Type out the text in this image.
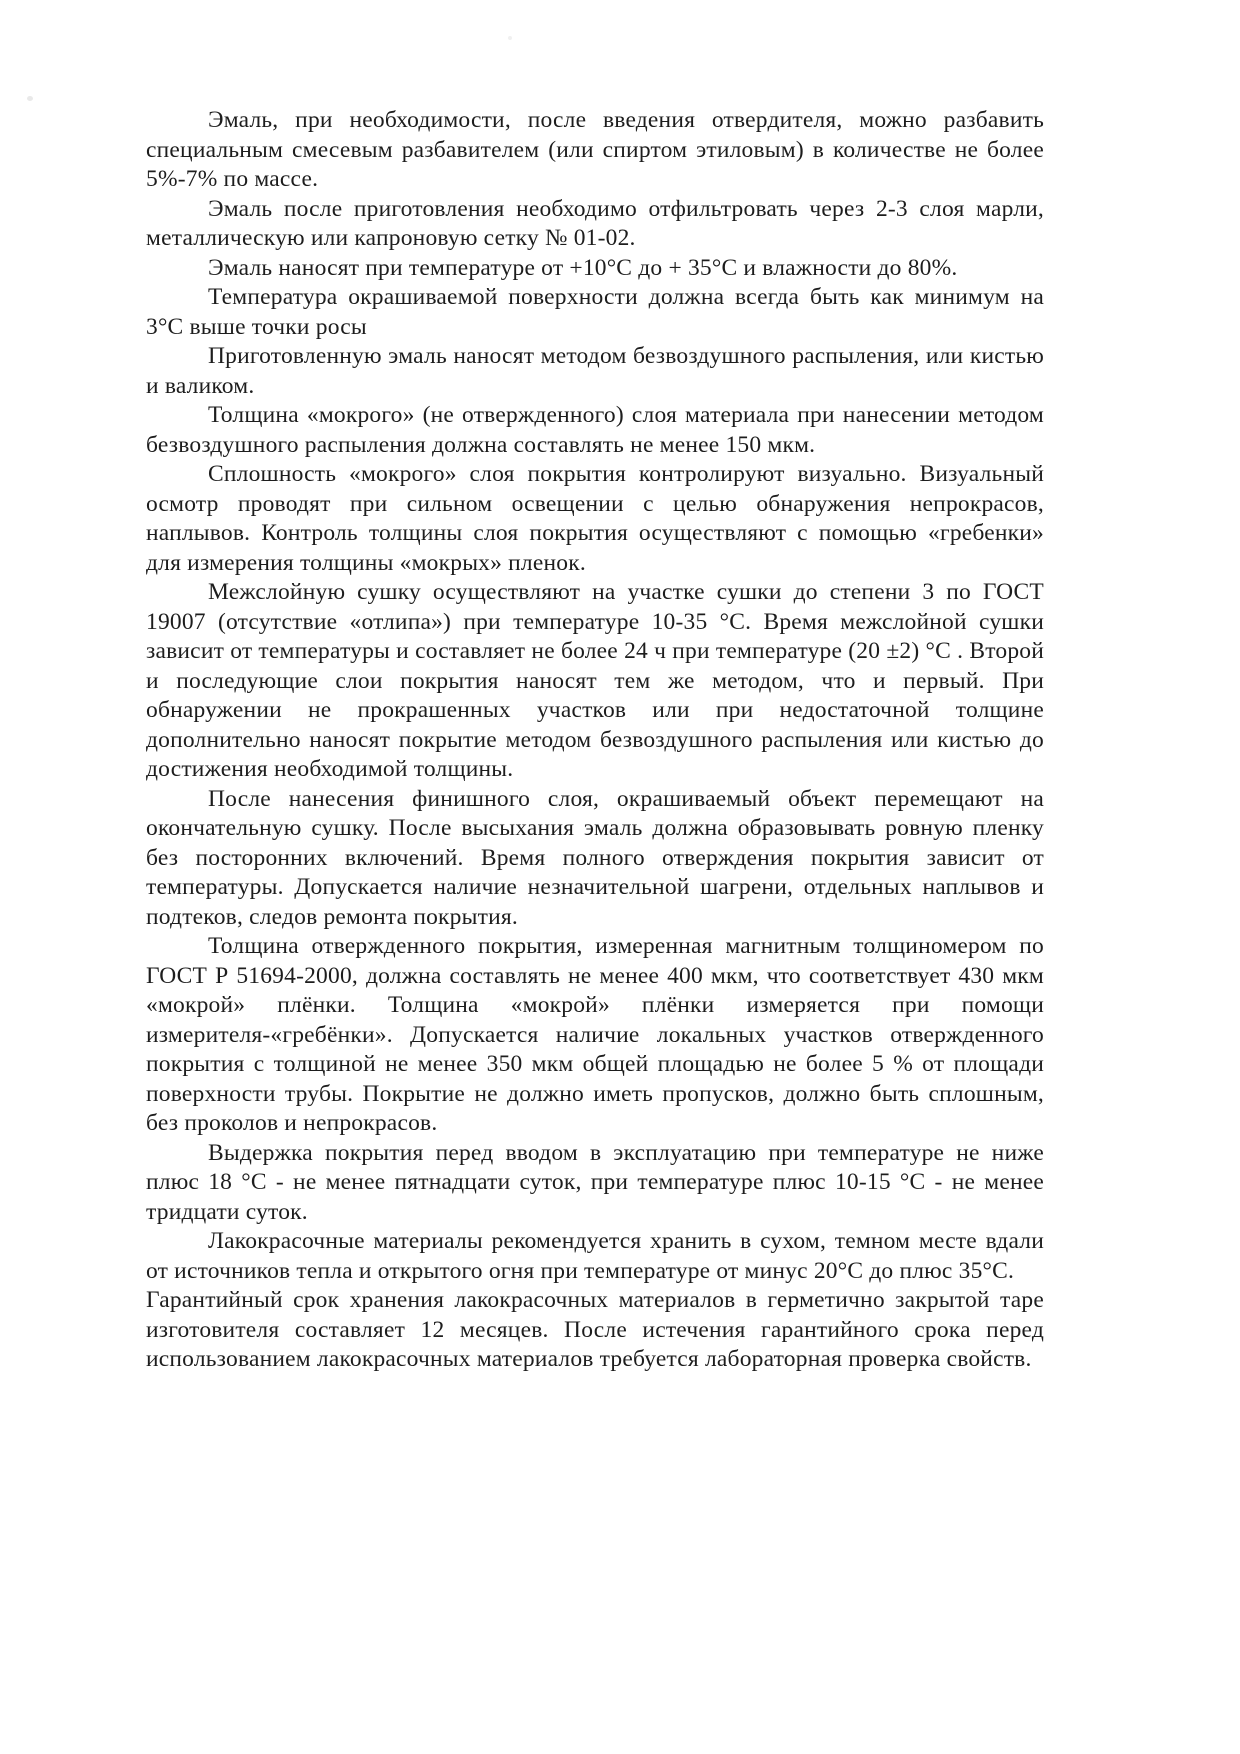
Эмаль, при необходимости, после введения отвердителя, можно разбавить специальным смесевым разбавителем (или спиртом этиловым) в количестве не более 5%-7% по массе.

Эмаль после приготовления необходимо отфильтровать через 2-3 слоя марли, металлическую или капроновую сетку № 01-02.

Эмаль наносят при температуре от +10°С до + 35°С и влажности до 80%.

Температура окрашиваемой поверхности должна всегда быть как минимум на 3°С выше точки росы

Приготовленную эмаль наносят методом безвоздушного распыления, или кистью и валиком.

Толщина «мокрого» (не отвержденного) слоя материала при нанесении методом безвоздушного распыления должна составлять не менее 150 мкм.

Сплошность «мокрого» слоя покрытия контролируют визуально. Визуальный осмотр проводят при сильном освещении с целью обнаружения непрокрасов, наплывов. Контроль толщины слоя покрытия осуществляют с помощью «гребенки» для измерения толщины «мокрых» пленок.

Межслойную сушку осуществляют на участке сушки до степени 3 по ГОСТ 19007 (отсутствие «отлипа») при температуре 10-35 °С. Время межслойной сушки зависит от температуры и составляет не более 24 ч при температуре (20 ±2) °С . Второй и последующие слои покрытия наносят тем же методом, что и первый. При обнаружении не прокрашенных участков или при недостаточной толщине дополнительно наносят покрытие методом безвоздушного распыления или кистью до достижения необходимой толщины.

После нанесения финишного слоя, окрашиваемый объект перемещают на окончательную сушку. После высыхания эмаль должна образовывать ровную пленку без посторонних включений. Время полного отверждения покрытия зависит от температуры. Допускается наличие незначительной шагрени, отдельных наплывов и подтеков, следов ремонта покрытия.

Толщина отвержденного покрытия, измеренная магнитным толщиномером по ГОСТ Р 51694-2000, должна составлять не менее 400 мкм, что соответствует 430 мкм «мокрой» плёнки. Толщина «мокрой» плёнки измеряется при помощи измерителя-«гребёнки». Допускается наличие локальных участков отвержденного покрытия с толщиной не менее 350 мкм общей площадью не более 5 % от площади поверхности трубы. Покрытие не должно иметь пропусков, должно быть сплошным, без проколов и непрокрасов.

Выдержка покрытия перед вводом в эксплуатацию при температуре не ниже плюс 18 °С - не менее пятнадцати суток, при температуре плюс 10-15 °С - не менее тридцати суток.

Лакокрасочные материалы рекомендуется хранить в сухом, темном месте вдали от источников тепла и открытого огня при температуре от минус 20°С до плюс 35°С.

Гарантийный срок хранения лакокрасочных материалов в герметично закрытой таре изготовителя составляет 12 месяцев. После истечения гарантийного срока перед использованием лакокрасочных материалов требуется лабораторная проверка свойств.
